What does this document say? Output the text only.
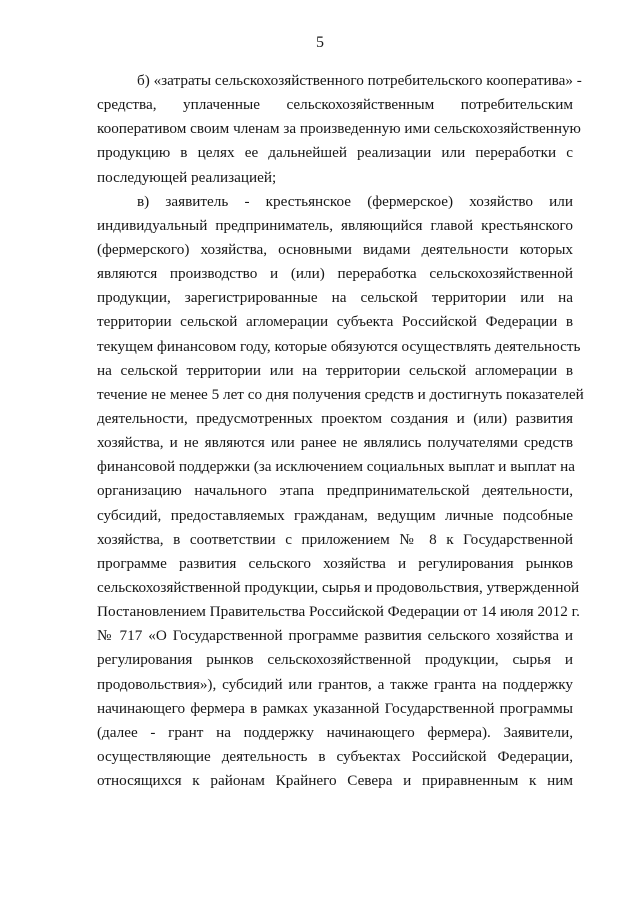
5
б) «затраты сельскохозяйственного потребительского кооператива» -
средства, уплаченные сельскохозяйственным потребительским
кооперативом своим членам за произведенную ими сельскохозяйственную
продукцию в целях ее дальнейшей реализации или переработки с
последующей реализацией;
в) заявитель - крестьянское (фермерское) хозяйство или
индивидуальный предприниматель, являющийся главой крестьянского
(фермерского) хозяйства, основными видами деятельности которых
являются производство и (или) переработка сельскохозяйственной
продукции, зарегистрированные на сельской территории или на
территории сельской агломерации субъекта Российской Федерации в
текущем финансовом году, которые обязуются осуществлять деятельность
на сельской территории или на территории сельской агломерации в
течение не менее 5 лет со дня получения средств и достигнуть показателей
деятельности, предусмотренных проектом создания и (или) развития
хозяйства, и не являются или ранее не являлись получателями средств
финансовой поддержки (за исключением социальных выплат и выплат на
организацию начального этапа предпринимательской деятельности,
субсидий, предоставляемых гражданам, ведущим личные подсобные
хозяйства, в соответствии с приложением № 8 к Государственной
программе развития сельского хозяйства и регулирования рынков
сельскохозяйственной продукции, сырья и продовольствия, утвержденной
Постановлением Правительства Российской Федерации от 14 июля 2012 г.
№ 717 «О Государственной программе развития сельского хозяйства и
регулирования рынков сельскохозяйственной продукции, сырья и
продовольствия»), субсидий или грантов, а также гранта на поддержку
начинающего фермера в рамках указанной Государственной программы
(далее - грант на поддержку начинающего фермера). Заявители,
осуществляющие деятельность в субъектах Российской Федерации,
относящихся к районам Крайнего Севера и приравненным к ним
